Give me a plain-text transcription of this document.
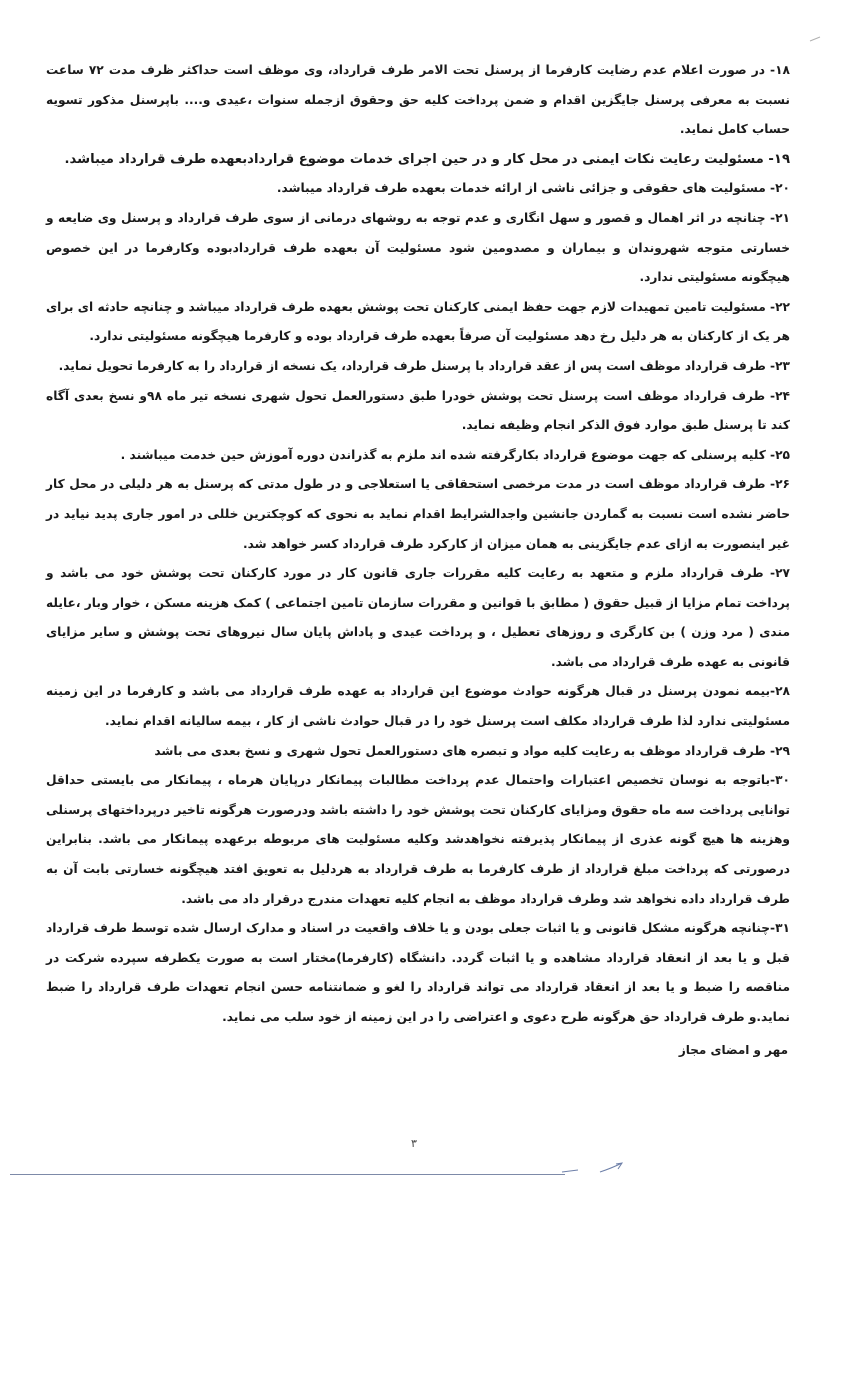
۱۸- در صورت اعلام عدم رضایت کارفرما از پرسنل تحت الامر طرف قرارداد، وی موظف است حداکثر ظرف مدت ۷۲ ساعت نسبت به معرفی پرسنل جایگزین اقدام و ضمن پرداخت کلیه حق وحقوق ازجمله سنوات ،عیدی و.... باپرسنل مذکور تسویه حساب کامل نماید.

۱۹- مسئولیت رعایت نکات ایمنی در محل کار و در حین اجرای خدمات موضوع قراردادبعهده طرف قرارداد میباشد.

۲۰- مسئولیت های حقوقی و جزائی ناشی از ارائه خدمات بعهده طرف قرارداد میباشد.

۲۱- چنانچه در اثر اهمال و قصور و سهل انگاری و عدم توجه به روشهای درمانی از سوی طرف قرارداد و پرسنل وی ضایعه و خسارتی متوجه شهروندان و بیماران و مصدومین شود مسئولیت آن بعهده طرف قراردادبوده وکارفرما در این خصوص هیچگونه مسئولیتی ندارد.

۲۲- مسئولیت تامین تمهیدات لازم جهت حفظ ایمنی کارکنان تحت پوشش بعهده طرف قرارداد میباشد و چنانچه حادثه ای برای هر یک از کارکنان به هر دلیل رخ دهد مسئولیت آن صرفاً بعهده طرف قرارداد بوده و کارفرما هیچگونه مسئولیتی ندارد.

۲۳- طرف قرارداد موظف است پس از عقد قرارداد با پرسنل طرف قرارداد، یک نسخه از قرارداد را به کارفرما تحویل نماید.

۲۴- طرف قرارداد موظف است پرسنل تحت پوشش خودرا طبق دستورالعمل تحول شهری نسخه تیر ماه ۹۸و نسخ بعدی آگاه کند تا پرسنل طبق موارد فوق الذکر انجام وظیفه نماید.

۲۵- کلیه پرسنلی که جهت موضوع قرارداد بکارگرفته شده اند ملزم به گذراندن دوره آموزش حین خدمت میباشند .

۲۶- طرف قرارداد موظف است در مدت مرخصی استحقاقی یا استعلاجی و در طول مدتی که پرسنل به هر دلیلی در محل کار حاضر نشده است نسبت به گماردن جانشین واجدالشرایط اقدام نماید به نحوی که کوچکترین خللی در امور جاری پدید نیاید در غیر اینصورت به ازای عدم جایگزینی به همان میزان از کارکرد طرف قرارداد کسر خواهد شد.

۲۷- طرف قرارداد ملزم و متعهد به رعایت کلیه مقررات جاری قانون کار در مورد کارکنان تحت پوشش خود می باشد و پرداخت تمام مزایا از قبیل حقوق ( مطابق با قوانین و مقررات سازمان تامین اجتماعی ) کمک هزینه مسکن ، خوار وبار ،عایله مندی ( مرد وزن ) بن کارگری و روزهای تعطیل ، و پرداخت عیدی و پاداش پایان سال نیروهای تحت پوشش و سایر مزایای قانونی به عهده طرف قرارداد می باشد.

۲۸-بیمه نمودن پرسنل در قبال هرگونه حوادث موضوع این قرارداد به عهده طرف قرارداد می باشد و کارفرما در این زمینه مسئولیتی ندارد لذا طرف قرارداد مکلف است پرسنل خود را در قبال حوادث ناشی از کار ، بیمه سالیانه اقدام نماید.

۲۹- طرف قرارداد موظف به رعایت کلیه مواد و تبصره های دستورالعمل تحول شهری و نسخ بعدی می باشد

۳۰-باتوجه به نوسان تخصیص اعتبارات واحتمال عدم پرداخت مطالبات پیمانکار درپایان هرماه ، پیمانکار می بایستی حداقل توانایی پرداخت سه ماه حقوق ومزایای کارکنان تحت پوشش خود را داشته باشد ودرصورت هرگونه تاخیر درپرداختهای پرسنلی وهزینه ها هیچ گونه عذری از پیمانکار پذیرفته نخواهدشد وکلیه مسئولیت های مربوطه برعهده پیمانکار می باشد. بنابراین درصورتی که پرداخت مبلغ قرارداد از طرف کارفرما به طرف قرارداد به هردلیل به تعویق افتد هیچگونه خسارتی بابت آن به طرف قرارداد داده نخواهد شد وطرف قرارداد موظف به انجام کلیه تعهدات مندرج درقرار داد می باشد.

۳۱-چنانچه هرگونه مشکل قانونی و یا اثبات جعلی بودن و یا خلاف واقعیت در اسناد و مدارک ارسال شده توسط طرف قرارداد قبل و یا بعد از انعقاد قرارداد مشاهده و یا اثبات گردد. دانشگاه (کارفرما)مختار است به صورت یکطرفه سپرده شرکت در مناقصه را ضبط و یا بعد از انعقاد قرارداد می تواند قرارداد را لغو و ضمانتنامه حسن انجام تعهدات طرف قرارداد را ضبط نماید.و طرف قرارداد حق هرگونه طرح دعوی و اعتراضی را در این زمینه از خود سلب می نماید.

مهر و امضای مجاز
۳
